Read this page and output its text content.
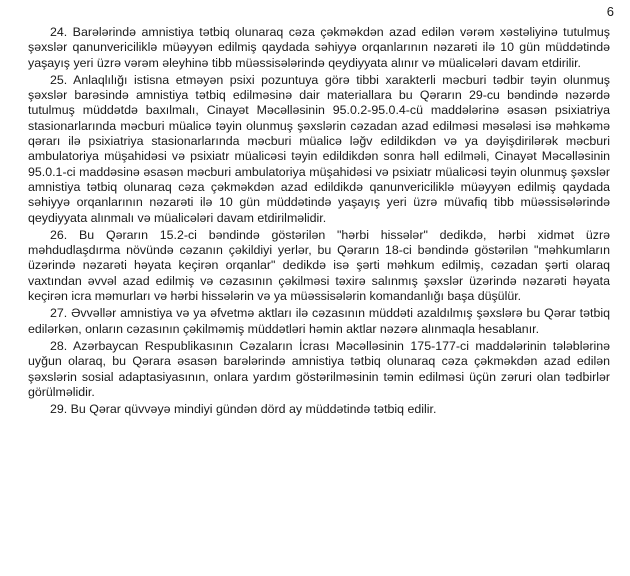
6

24. Barələrində amnistiya tətbiq olunaraq cəza çəkməkdən azad edilən vərəm xəstəliyinə tutulmuş şəxslər qanunvericiliklə müəyyən edilmiş qaydada səhiyyə orqanlarının nəzarəti ilə 10 gün müddətində yaşayış yeri üzrə vərəm əleyhinə tibb müəssisələrində qeydiyyata alınır və müalicələri davam etdirilir.

25. Anlaqlılığı istisna etməyən psixi pozuntuya görə tibbi xarakterli məcburi tədbir təyin olunmuş şəxslər barəsində amnistiya tətbiq edilməsinə dair materiallara bu Qərarın 29-cu bəndində nəzərdə tutulmuş müddətdə baxılmalı, Cinayət Məcəlləsinin 95.0.2-95.0.4-cü maddələrinə əsasən psixiatriya stasionarlarında məcburi müalicə təyin olunmuş şəxslərin cəzadan azad edilməsi məsələsi isə məhkəmə qərarı ilə psixiatriya stasionarlarında məcburi müalicə ləğv edildikdən və ya dəyişdirilərək məcburi ambulatoriya müşahidəsi və psixiatr müalicəsi təyin edildikdən sonra həll edilməli, Cinayət Məcəlləsinin 95.0.1-ci maddəsinə əsasən məcburi ambulatoriya müşahidəsi və psixiatr müalicəsi təyin olunmuş şəxslər amnistiya tətbiq olunaraq cəza çəkməkdən azad edildikdə qanunvericiliklə müəyyən edilmiş qaydada səhiyyə orqanlarının nəzarəti ilə 10 gün müddətində yaşayış yeri üzrə müvafiq tibb müəssisələrində qeydiyyata alınmalı və müalicələri davam etdirilməlidir.

26. Bu Qərarın 15.2-ci bəndində göstərilən "hərbi hissələr" dedikdə, hərbi xidmət üzrə məhdudlaşdırma növündə cəzanın çəkildiyi yerlər, bu Qərarın 18-ci bəndində göstərilən "məhkumların üzərində nəzarəti həyata keçirən orqanlar" dedikdə isə şərti məhkum edilmiş, cəzadan şərti olaraq vaxtından əvvəl azad edilmiş və cəzasının çəkilməsi təxirə salınmış şəxslər üzərində nəzarəti həyata keçirən icra məmurları və hərbi hissələrin və ya müəssisələrin komandanlığı başa düşülür.

27. Əvvəllər amnistiya və ya əfvetmə aktları ilə cəzasının müddəti azaldılmış şəxslərə bu Qərar tətbiq edilərkən, onların cəzasının çəkilməmiş müddətləri həmin aktlar nəzərə alınmaqla hesablanır.

28. Azərbaycan Respublikasının Cəzaların İcrası Məcəlləsinin 175-177-ci maddələrinin tələblərinə uyğun olaraq, bu Qərara əsasən barələrində amnistiya tətbiq olunaraq cəza çəkməkdən azad edilən şəxslərin sosial adaptasiyasının, onlara yardım göstərilməsinin təmin edilməsi üçün zəruri olan tədbirlər görülməlidir.

29. Bu Qərar qüvvəyə mindiyi gündən dörd ay müddətində tətbiq edilir.
